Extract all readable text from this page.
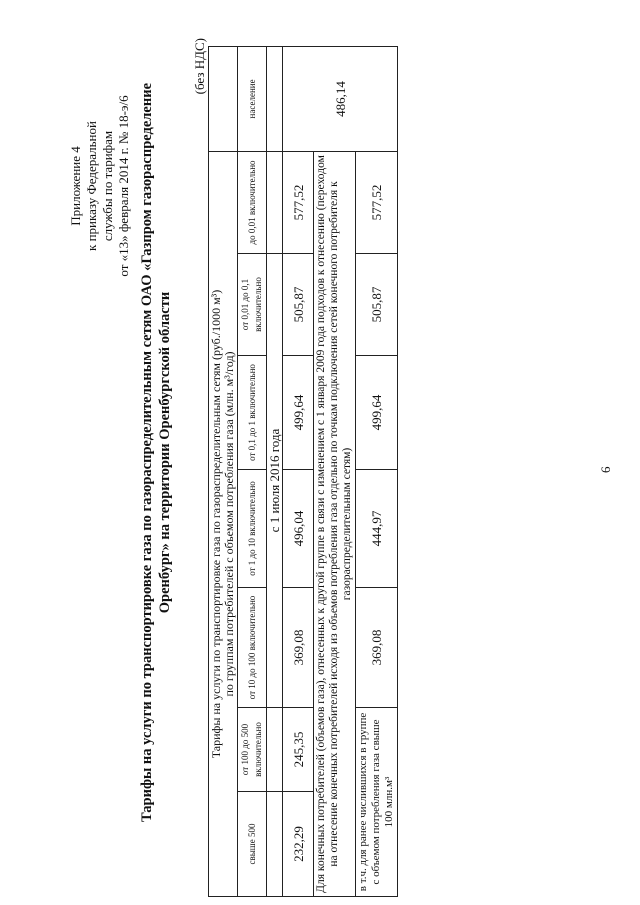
Приложение 4 к приказу Федеральной службы по тарифам от «13» февраля 2014 г. № 18-э/6 Тарифы на услуги по транспортировке газа по газораспределительным сетям ОАО «Газпром газораспределение Оренбург» на территории Оренбургской области
(без НДС)
Тарифы на услуги по транспортировке газа по газораспределительным сетям (руб./1000 м³) по группам потребителей с объемом потребления газа (млн. м³/год)							

свыше 500	от 100 до 500 включительно	от 10 до 100 включительно	от 1 до 10 включительно	от 0,1 до 1 включительно	от 0,01 до 0,1 включительно	до 0,01 включительно	население
		с 1 июля 2016 года					
232,29	245,35	369,08	496,04	499,64	505,87	577,52	486,14
Для конечных потребителей (объемов газа), отнесенных к другой группе в связи с изменением с 1 января 2009 года подходов к отнесению (переходом на отнесение конечных потребителей исходя из объемов потребления газа отдельно по точкам подключения сетей конечного потребителя к газораспределительным сетям)							
в т.ч. для ранее числившихся в группе с объемом потребления газа свыше 100 млн.м³		369,08	444,97	499,64	505,87	577,52	
6
